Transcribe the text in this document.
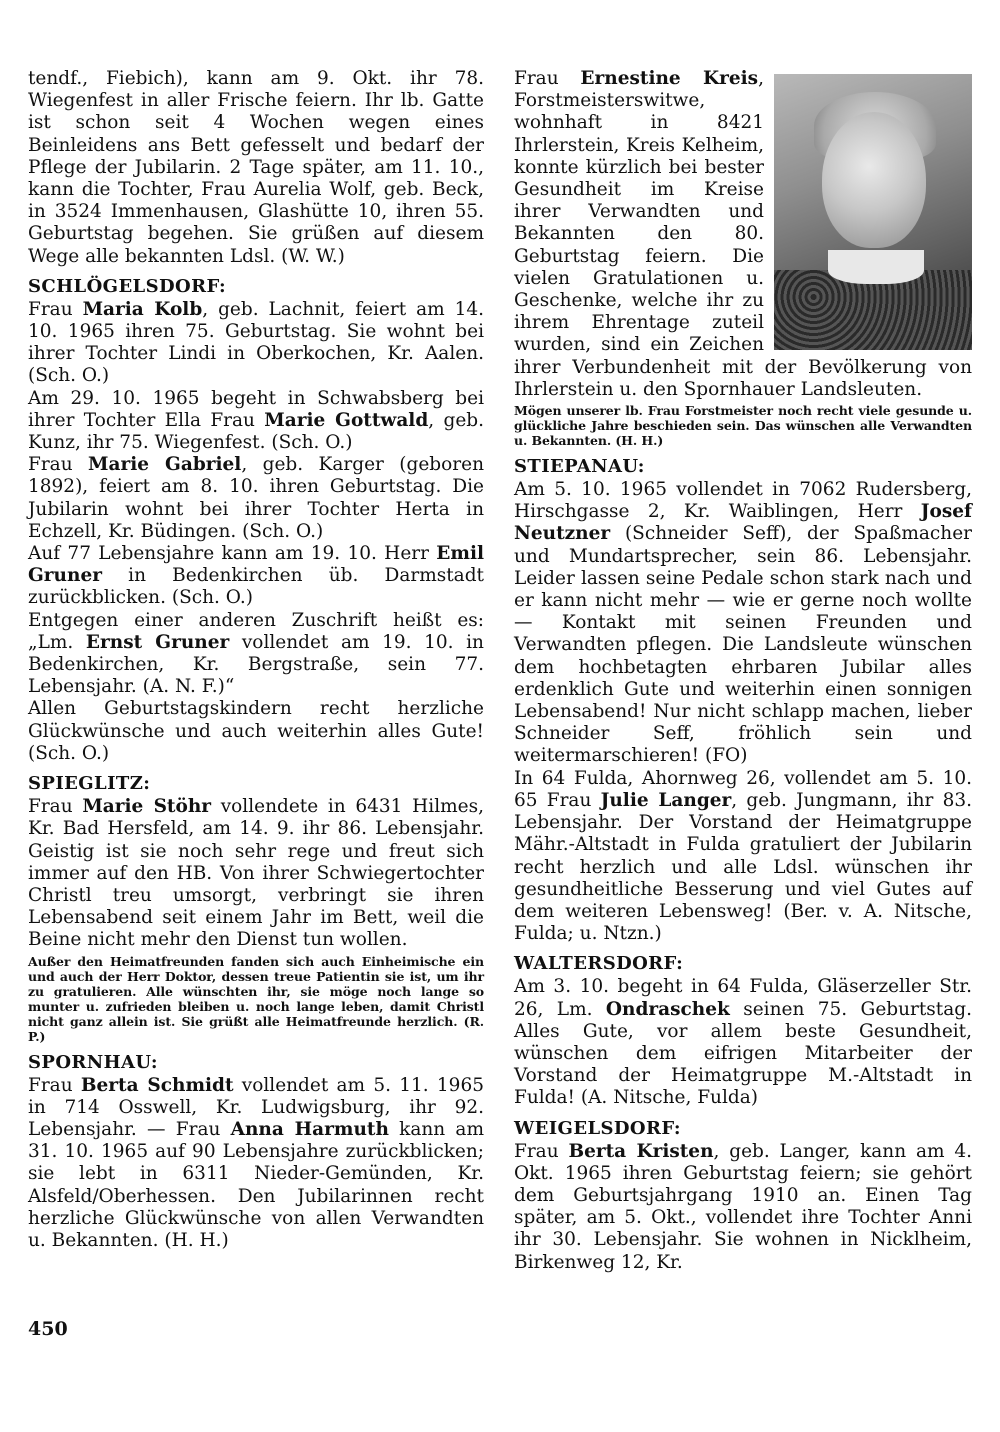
tendf., Fiebich), kann am 9. Okt. ihr 78. Wiegenfest in aller Frische feiern. Ihr lb. Gatte ist schon seit 4 Wochen wegen eines Beinleidens ans Bett gefesselt und bedarf der Pflege der Jubilarin. 2 Tage später, am 11. 10., kann die Tochter, Frau Aurelia Wolf, geb. Beck, in 3524 Immenhausen, Glashütte 10, ihren 55. Geburtstag begehen. Sie grüßen auf diesem Wege alle bekannten Ldsl. (W. W.)

SCHLÖGELSDORF:

Frau Maria Kolb, geb. Lachnit, feiert am 14. 10. 1965 ihren 75. Geburtstag. Sie wohnt bei ihrer Tochter Lindi in Oberkochen, Kr. Aalen. (Sch. O.)

Am 29. 10. 1965 begeht in Schwabsberg bei ihrer Tochter Ella Frau Marie Gottwald, geb. Kunz, ihr 75. Wiegenfest. (Sch. O.)

Frau Marie Gabriel, geb. Karger (geboren 1892), feiert am 8. 10. ihren Geburtstag. Die Jubilarin wohnt bei ihrer Tochter Herta in Echzell, Kr. Büdingen. (Sch. O.)

Auf 77 Lebensjahre kann am 19. 10. Herr Emil Gruner in Bedenkirchen üb. Darmstadt zurückblicken. (Sch. O.)

Entgegen einer anderen Zuschrift heißt es: „Lm. Ernst Gruner vollendet am 19. 10. in Bedenkirchen, Kr. Bergstraße, sein 77. Lebensjahr. (A. N. F.)“

Allen Geburtstagskindern recht herzliche Glückwünsche und auch weiterhin alles Gute! (Sch. O.)

SPIEGLITZ:

Frau Marie Stöhr vollendete in 6431 Hilmes, Kr. Bad Hersfeld, am 14. 9. ihr 86. Lebensjahr. Geistig ist sie noch sehr rege und freut sich immer auf den HB. Von ihrer Schwiegertochter Christl treu umsorgt, verbringt sie ihren Lebensabend seit einem Jahr im Bett, weil die Beine nicht mehr den Dienst tun wollen.

Außer den Heimatfreunden fanden sich auch Einheimische ein und auch der Herr Doktor, dessen treue Patientin sie ist, um ihr zu gratulieren. Alle wünschten ihr, sie möge noch lange so munter u. zufrieden bleiben u. noch lange leben, damit Christl nicht ganz allein ist. Sie grüßt alle Heimatfreunde herzlich. (R. P.)

SPORNHAU:

Frau Berta Schmidt vollendet am 5. 11. 1965 in 714 Osswell, Kr. Ludwigsburg, ihr 92. Lebensjahr. — Frau Anna Harmuth kann am 31. 10. 1965 auf 90 Lebensjahre zurückblicken; sie lebt in 6311 Nieder-Gemünden, Kr. Alsfeld/Oberhessen. Den Jubilarinnen recht herzliche Glückwünsche von allen Verwandten u. Bekannten. (H. H.)

Frau Ernestine Kreis, Forstmeisterswitwe, wohnhaft in 8421 Ihrlerstein, Kreis Kelheim, konnte kürzlich bei bester Gesundheit im Kreise ihrer Verwandten und Bekannten den 80. Geburtstag feiern. Die vielen Gratulationen u. Geschenke, welche ihr zu ihrem Ehrentage zuteil wurden, sind ein Zeichen ihrer Verbundenheit mit der Bevölkerung von Ihrlerstein u. den Spornhauer Landsleuten.

Mögen unserer lb. Frau Forstmeister noch recht viele gesunde u. glückliche Jahre beschieden sein. Das wünschen alle Verwandten u. Bekannten. (H. H.)

STIEPANAU:

Am 5. 10. 1965 vollendet in 7062 Rudersberg, Hirschgasse 2, Kr. Waiblingen, Herr Josef Neutzner (Schneider Seff), der Spaßmacher und Mundartsprecher, sein 86. Lebensjahr. Leider lassen seine Pedale schon stark nach und er kann nicht mehr — wie er gerne noch wollte — Kontakt mit seinen Freunden und Verwandten pflegen. Die Landsleute wünschen dem hochbetagten ehrbaren Jubilar alles erdenklich Gute und weiterhin einen sonnigen Lebensabend! Nur nicht schlapp machen, lieber Schneider Seff, fröhlich sein und weitermarschieren! (FO)

In 64 Fulda, Ahornweg 26, vollendet am 5. 10. 65 Frau Julie Langer, geb. Jungmann, ihr 83. Lebensjahr. Der Vorstand der Heimatgruppe Mähr.-Altstadt in Fulda gratuliert der Jubilarin recht herzlich und alle Ldsl. wünschen ihr gesundheitliche Besserung und viel Gutes auf dem weiteren Lebensweg! (Ber. v. A. Nitsche, Fulda; u. Ntzn.)

WALTERSDORF:

Am 3. 10. begeht in 64 Fulda, Gläserzeller Str. 26, Lm. Ondraschek seinen 75. Geburtstag. Alles Gute, vor allem beste Gesundheit, wünschen dem eifrigen Mitarbeiter der Vorstand der Heimatgruppe M.-Altstadt in Fulda! (A. Nitsche, Fulda)

WEIGELSDORF:

Frau Berta Kristen, geb. Langer, kann am 4. Okt. 1965 ihren Geburtstag feiern; sie gehört dem Geburtsjahrgang 1910 an. Einen Tag später, am 5. Okt., vollendet ihre Tochter Anni ihr 30. Lebensjahr. Sie wohnen in Nicklheim, Birkenweg 12, Kr.

450
